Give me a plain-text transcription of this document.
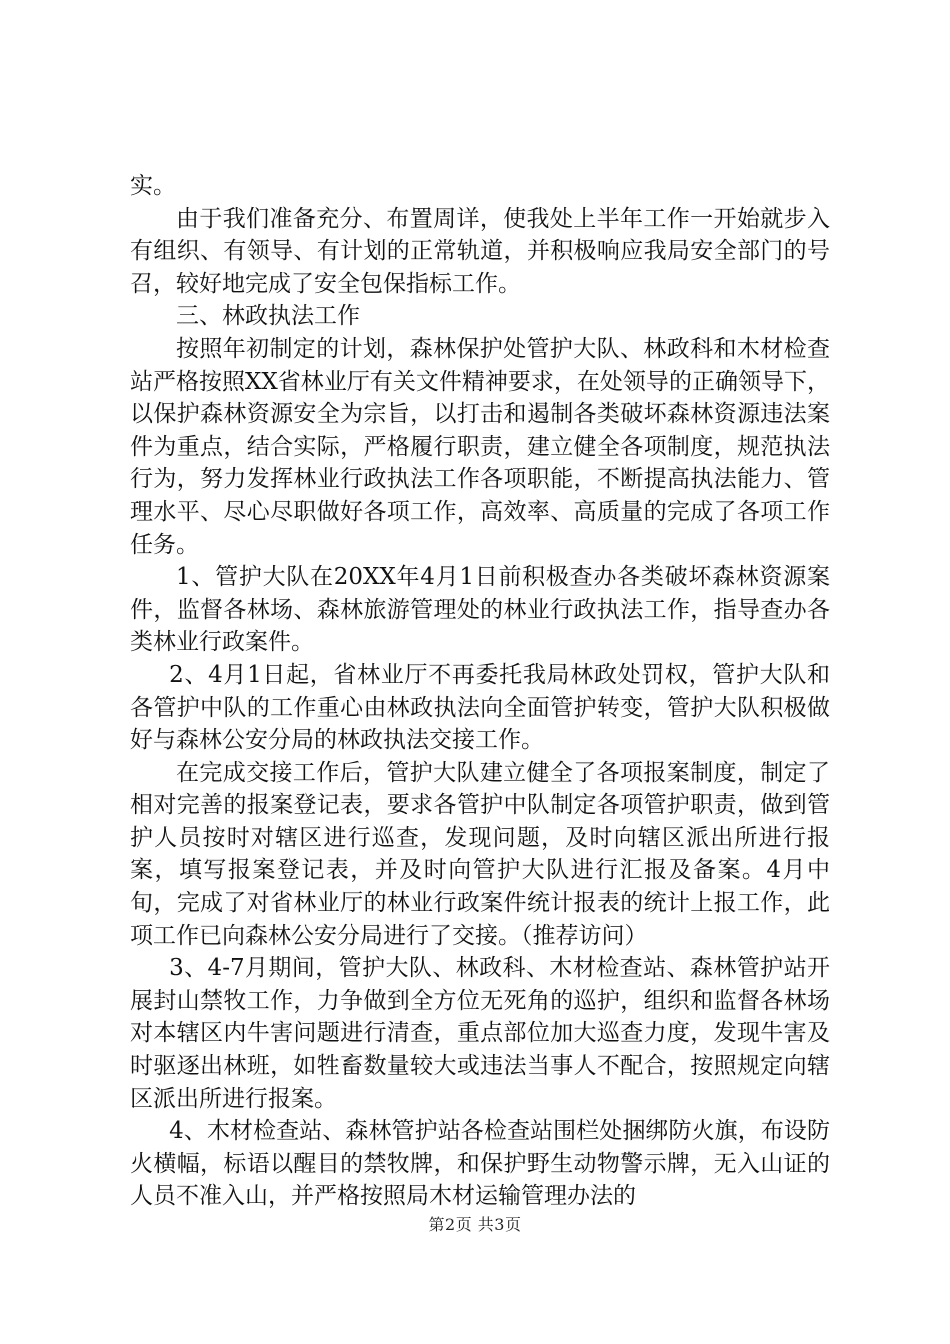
实。

由于我们准备充分、布置周详，使我处上半年工作一开始就步入有组织、有领导、有计划的正常轨道，并积极响应我局安全部门的号召，较好地完成了安全包保指标工作。

三、林政执法工作

按照年初制定的计划，森林保护处管护大队、林政科和木材检查站严格按照XX省林业厅有关文件精神要求，在处领导的正确领导下，以保护森林资源安全为宗旨，以打击和遏制各类破坏森林资源违法案件为重点，结合实际，严格履行职责，建立健全各项制度，规范执法行为，努力发挥林业行政执法工作各项职能，不断提高执法能力、管理水平、尽心尽职做好各项工作，高效率、高质量的完成了各项工作任务。

1、管护大队在20XX年4月1日前积极查办各类破坏森林资源案件，监督各林场、森林旅游管理处的林业行政执法工作，指导查办各类林业行政案件。

2、4月1日起，省林业厅不再委托我局林政处罚权，管护大队和各管护中队的工作重心由林政执法向全面管护转变，管护大队积极做好与森林公安分局的林政执法交接工作。

在完成交接工作后，管护大队建立健全了各项报案制度，制定了相对完善的报案登记表，要求各管护中队制定各项管护职责，做到管护人员按时对辖区进行巡查，发现问题，及时向辖区派出所进行报案，填写报案登记表，并及时向管护大队进行汇报及备案。4月中旬，完成了对省林业厅的林业行政案件统计报表的统计上报工作，此项工作已向森林公安分局进行了交接。（推荐访问）

3、4-7月期间，管护大队、林政科、木材检查站、森林管护站开展封山禁牧工作，力争做到全方位无死角的巡护，组织和监督各林场对本辖区内牛害问题进行清查，重点部位加大巡查力度，发现牛害及时驱逐出林班，如牲畜数量较大或违法当事人不配合，按照规定向辖区派出所进行报案。

4、木材检查站、森林管护站各检查站围栏处捆绑防火旗，布设防火横幅，标语以醒目的禁牧牌，和保护野生动物警示牌，无入山证的人员不准入山，并严格按照局木材运输管理办法的

第2页 共3页
